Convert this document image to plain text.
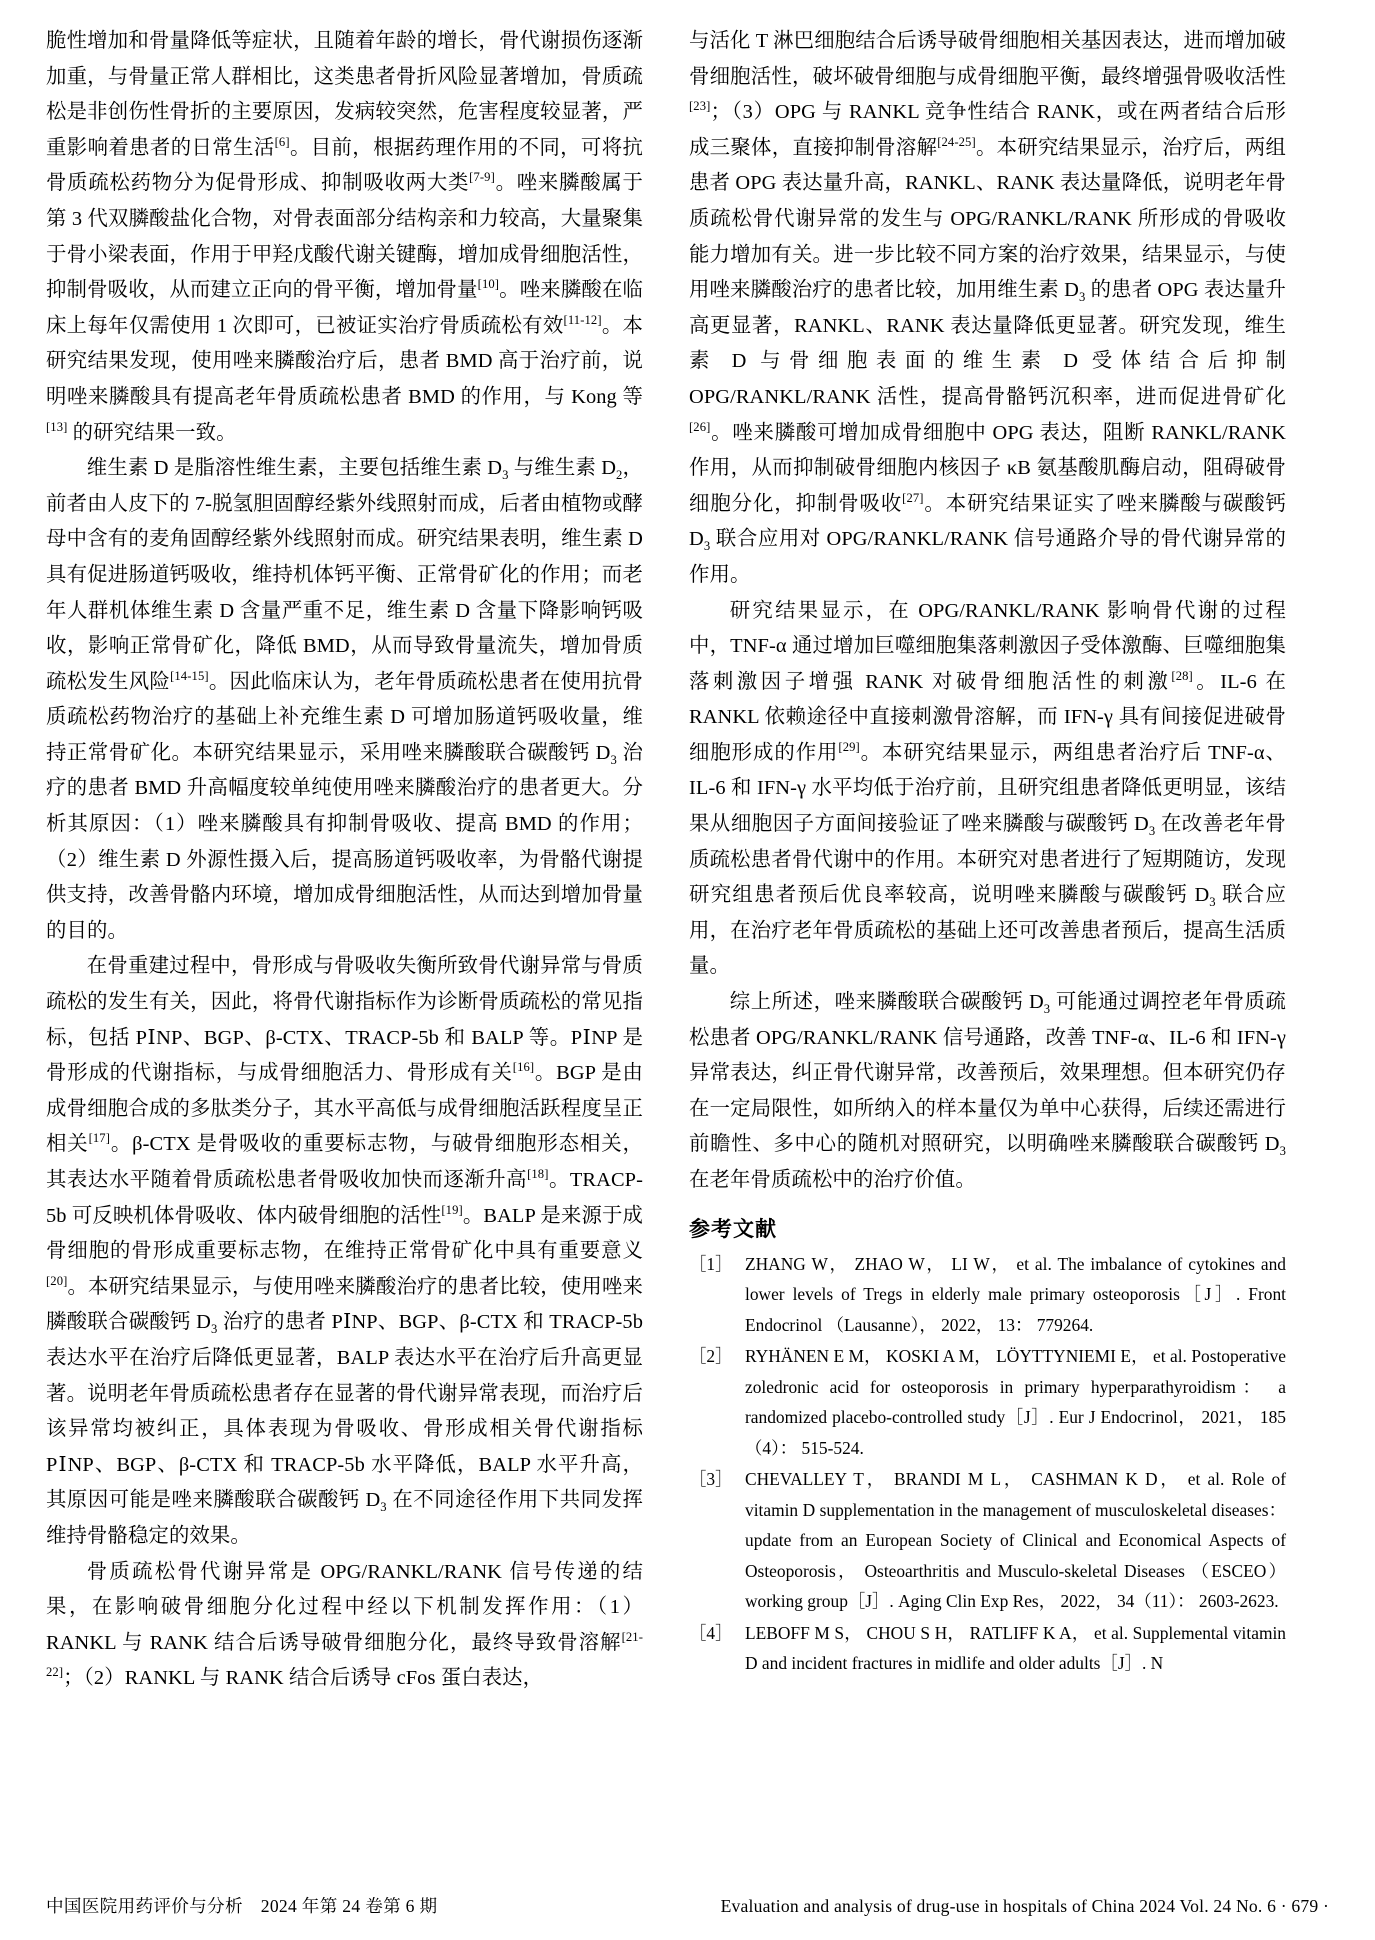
脆性增加和骨量降低等症状，且随着年龄的增长，骨代谢损伤逐渐加重，与骨量正常人群相比，这类患者骨折风险显著增加，骨质疏松是非创伤性骨折的主要原因，发病较突然，危害程度较显著，严重影响着患者的日常生活[6]。目前，根据药理作用的不同，可将抗骨质疏松药物分为促骨形成、抑制吸收两大类[7-9]。唑来膦酸属于第 3 代双膦酸盐化合物，对骨表面部分结构亲和力较高，大量聚集于骨小梁表面，作用于甲羟戊酸代谢关键酶，增加成骨细胞活性，抑制骨吸收，从而建立正向的骨平衡，增加骨量[10]。唑来膦酸在临床上每年仅需使用 1 次即可，已被证实治疗骨质疏松有效[11-12]。本研究结果发现，使用唑来膦酸治疗后，患者 BMD 高于治疗前，说明唑来膦酸具有提高老年骨质疏松患者 BMD 的作用，与 Kong 等[13] 的研究结果一致。

维生素 D 是脂溶性维生素，主要包括维生素 $D_3$ 与维生素 $D_2$，前者由人皮下的 7-脱氢胆固醇经紫外线照射而成，后者由植物或酵母中含有的麦角固醇经紫外线照射而成。研究结果表明，维生素 D 具有促进肠道钙吸收，维持机体钙平衡、正常骨矿化的作用；而老年人群机体维生素 D 含量严重不足，维生素 D 含量下降影响钙吸收，影响正常骨矿化，降低 BMD，从而导致骨量流失，增加骨质疏松发生风险[14-15]。因此临床认为，老年骨质疏松患者在使用抗骨质疏松药物治疗的基础上补充维生素 D 可增加肠道钙吸收量，维持正常骨矿化。本研究结果显示，采用唑来膦酸联合碳酸钙 $D_3$ 治疗的患者 BMD 升高幅度较单纯使用唑来膦酸治疗的患者更大。分析其原因：（1）唑来膦酸具有抑制骨吸收、提高 BMD 的作用；（2）维生素 D 外源性摄入后，提高肠道钙吸收率，为骨骼代谢提供支持，改善骨骼内环境，增加成骨细胞活性，从而达到增加骨量的目的。

在骨重建过程中，骨形成与骨吸收失衡所致骨代谢异常与骨质疏松的发生有关，因此，将骨代谢指标作为诊断骨质疏松的常见指标，包括 PⅠNP、BGP、β-CTX、TRACP-5b 和 BALP 等。PⅠNP 是骨形成的代谢指标，与成骨细胞活力、骨形成有关[16]。BGP 是由成骨细胞合成的多肽类分子，其水平高低与成骨细胞活跃程度呈正相关[17]。β-CTX 是骨吸收的重要标志物，与破骨细胞形态相关，其表达水平随着骨质疏松患者骨吸收加快而逐渐升高[18]。TRACP-5b 可反映机体骨吸收、体内破骨细胞的活性[19]。BALP 是来源于成骨细胞的骨形成重要标志物，在维持正常骨矿化中具有重要意义[20]。本研究结果显示，与使用唑来膦酸治疗的患者比较，使用唑来膦酸联合碳酸钙 $D_3$ 治疗的患者 PⅠNP、BGP、β-CTX 和 TRACP-5b 表达水平在治疗后降低更显著，BALP 表达水平在治疗后升高更显著。说明老年骨质疏松患者存在显著的骨代谢异常表现，而治疗后该异常均被纠正，具体表现为骨吸收、骨形成相关骨代谢指标 PⅠNP、BGP、β-CTX 和 TRACP-5b 水平降低，BALP 水平升高，其原因可能是唑来膦酸联合碳酸钙 $D_3$ 在不同途径作用下共同发挥维持骨骼稳定的效果。

骨质疏松骨代谢异常是 OPG/RANKL/RANK 信号传递的结果，在影响破骨细胞分化过程中经以下机制发挥作用：（1）RANKL 与 RANK 结合后诱导破骨细胞分化，最终导致骨溶解[21-22]；（2）RANKL 与 RANK 结合后诱导 cFos 蛋白表达，

与活化 T 淋巴细胞结合后诱导破骨细胞相关基因表达，进而增加破骨细胞活性，破坏破骨细胞与成骨细胞平衡，最终增强骨吸收活性[23]；（3）OPG 与 RANKL 竞争性结合 RANK，或在两者结合后形成三聚体，直接抑制骨溶解[24-25]。本研究结果显示，治疗后，两组患者 OPG 表达量升高，RANKL、RANK 表达量降低，说明老年骨质疏松骨代谢异常的发生与 OPG/RANKL/RANK 所形成的骨吸收能力增加有关。进一步比较不同方案的治疗效果，结果显示，与使用唑来膦酸治疗的患者比较，加用维生素 $D_3$ 的患者 OPG 表达量升高更显著，RANKL、RANK 表达量降低更显著。研究发现，维生素 D 与骨细胞表面的维生素 D 受体结合后抑制 OPG/RANKL/RANK 活性，提高骨骼钙沉积率，进而促进骨矿化[26]。唑来膦酸可增加成骨细胞中 OPG 表达，阻断 RANKL/RANK 作用，从而抑制破骨细胞内核因子 κB 氨基酸肌酶启动，阻碍破骨细胞分化，抑制骨吸收[27]。本研究结果证实了唑来膦酸与碳酸钙 $D_3$ 联合应用对 OPG/RANKL/RANK 信号通路介导的骨代谢异常的作用。

研究结果显示，在 OPG/RANKL/RANK 影响骨代谢的过程中，TNF-α 通过增加巨噬细胞集落刺激因子受体激酶、巨噬细胞集落刺激因子增强 RANK 对破骨细胞活性的刺激[28]。IL-6 在 RANKL 依赖途径中直接刺激骨溶解，而 IFN-γ 具有间接促进破骨细胞形成的作用[29]。本研究结果显示，两组患者治疗后 TNF-α、IL-6 和 IFN-γ 水平均低于治疗前，且研究组患者降低更明显，该结果从细胞因子方面间接验证了唑来膦酸与碳酸钙 $D_3$ 在改善老年骨质疏松患者骨代谢中的作用。本研究对患者进行了短期随访，发现研究组患者预后优良率较高，说明唑来膦酸与碳酸钙 $D_3$ 联合应用，在治疗老年骨质疏松的基础上还可改善患者预后，提高生活质量。

综上所述，唑来膦酸联合碳酸钙 $D_3$ 可能通过调控老年骨质疏松患者 OPG/RANKL/RANK 信号通路，改善 TNF-α、IL-6 和 IFN-γ 异常表达，纠正骨代谢异常，改善预后，效果理想。但本研究仍存在一定局限性，如所纳入的样本量仅为单中心获得，后续还需进行前瞻性、多中心的随机对照研究，以明确唑来膦酸联合碳酸钙 $D_3$ 在老年骨质疏松中的治疗价值。

参考文献
［1］ ZHANG W， ZHAO W， LI W， et al. The imbalance of cytokines and lower levels of Tregs in elderly male primary osteoporosis［J］. Front Endocrinol （Lausanne）， 2022， 13： 779264.
［2］ RYHÄNEN E M， KOSKI A M， LÖYTTYNIEMI E， et al. Postoperative zoledronic acid for osteoporosis in primary hyperparathyroidism： a randomized placebo-controlled study［J］. Eur J Endocrinol， 2021， 185（4）： 515-524.
［3］ CHEVALLEY T， BRANDI M L， CASHMAN K D， et al. Role of vitamin D supplementation in the management of musculoskeletal diseases： update from an European Society of Clinical and Economical Aspects of Osteoporosis， Osteoarthritis and Musculo-skeletal Diseases （ESCEO） working group［J］. Aging Clin Exp Res， 2022， 34（11）： 2603-2623.
［4］ LEBOFF M S， CHOU S H， RATLIFF K A， et al. Supplemental vitamin D and incident fractures in midlife and older adults［J］. N
中国医院用药评价与分析　2024 年第 24 卷第 6 期	Evaluation and analysis of drug-use in hospitals of China 2024 Vol. 24 No. 6 · 679 ·
